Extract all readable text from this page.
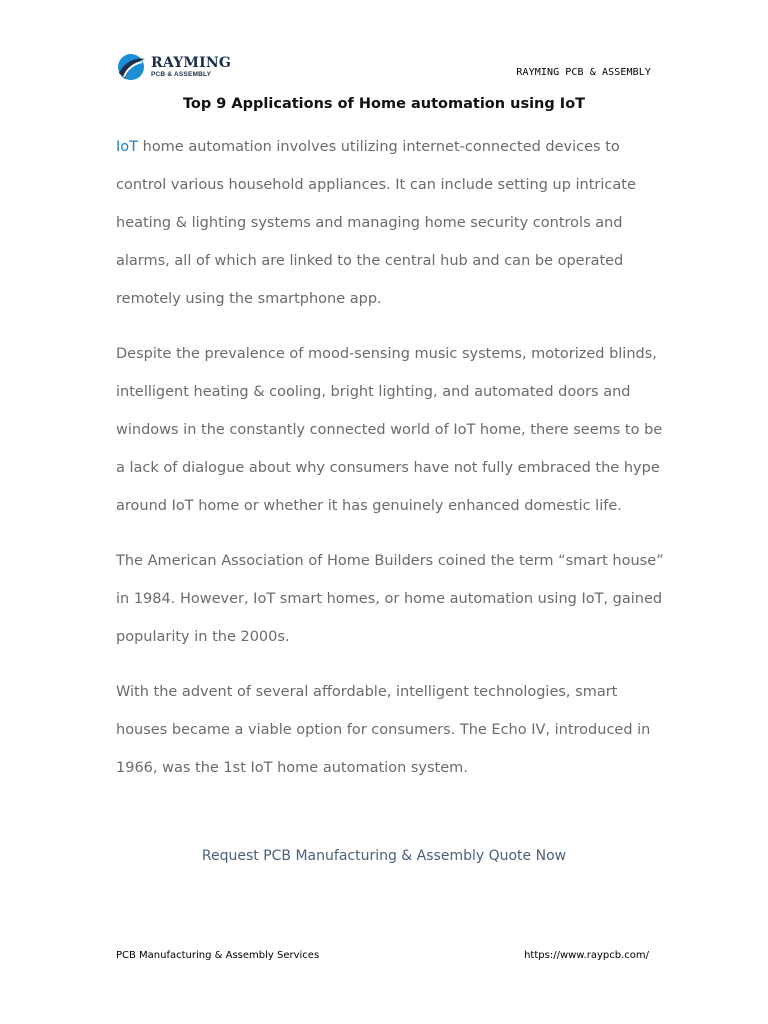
RAYMING
PCB & ASSEMBLY	RAYMING PCB & ASSEMBLY
Top 9 Applications of Home automation using IoT

IoT home automation involves utilizing internet-connected devices to control various household appliances. It can include setting up intricate heating & lighting systems and managing home security controls and alarms, all of which are linked to the central hub and can be operated remotely using the smartphone app.

Despite the prevalence of mood-sensing music systems, motorized blinds, intelligent heating & cooling, bright lighting, and automated doors and windows in the constantly connected world of IoT home, there seems to be a lack of dialogue about why consumers have not fully embraced the hype around IoT home or whether it has genuinely enhanced domestic life.

The American Association of Home Builders coined the term “smart house” in 1984. However, IoT smart homes, or home automation using IoT, gained popularity in the 2000s.

With the advent of several affordable, intelligent technologies, smart houses became a viable option for consumers. The Echo IV, introduced in 1966, was the 1st IoT home automation system.

Request PCB Manufacturing & Assembly Quote Now
PCB Manufacturing & Assembly Services	https://www.raypcb.com/
